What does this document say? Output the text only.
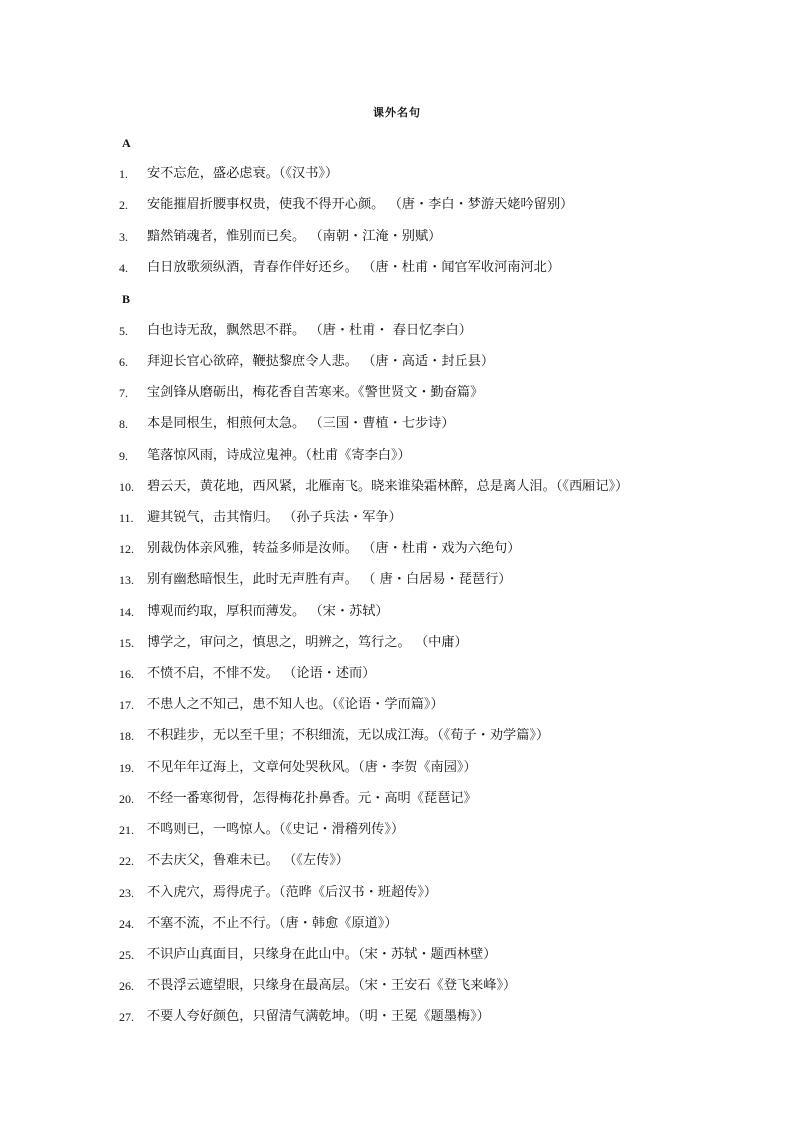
课外名句
A
B
1.	安不忘危，盛必虑衰。（《汉书》）
2.	安能摧眉折腰事权贵，使我不得开心颜。 （唐・李白・梦游天姥吟留别）
3.	黯然销魂者，惟别而已矣。 （南朝・江淹・别赋）
4.	白日放歌须纵酒，青春作伴好还乡。 （唐・杜甫・闻官军收河南河北）
5.	白也诗无敌，飘然思不群。 （唐・杜甫・ 春日忆李白）
6.	拜迎长官心欲碎，鞭挞黎庶令人悲。 （唐・高适・封丘县）
7.	宝剑锋从磨砺出，梅花香自苦寒来。《警世贤文・勤奋篇》
8.	本是同根生，相煎何太急。 （三国・曹植・七步诗）
9.	笔落惊风雨，诗成泣鬼神。（杜甫《寄李白》）
10. 碧云天，黄花地，西风紧，北雁南飞。晓来谁染霜林醉，总是离人泪。（《西厢记》）
11.	避其锐气，击其惰归。 （孙子兵法・军争）
12. 别裁伪体亲风雅，转益多师是汝师。 （唐・杜甫・戏为六绝句）
13. 别有幽愁暗恨生，此时无声胜有声。 （ 唐・白居易・琵琶行）
14. 博观而约取，厚积而薄发。 （宋・苏轼）
15. 博学之，审问之，慎思之，明辨之，笃行之。 （中庸）
16. 不愤不启，不悱不发。 （论语・述而）
17. 不患人之不知己，患不知人也。（《论语・学而篇》）
18. 不积跬步，无以至千里；不积细流，无以成江海。（《荀子・劝学篇》）
19. 不见年年辽海上，文章何处哭秋风。（唐・李贺《南园》）
20. 不经一番寒彻骨，怎得梅花扑鼻香。元・高明《琵琶记》
21. 不鸣则已，一鸣惊人。（《史记・滑稽列传》）
22. 不去庆父，鲁难未已。 （《左传》）
23. 不入虎穴，焉得虎子。（范晔《后汉书・班超传》）
24. 不塞不流，不止不行。（唐・韩愈《原道》）
25. 不识庐山真面目，只缘身在此山中。（宋・苏轼・题西林壁）
26. 不畏浮云遮望眼，只缘身在最高层。（宋・王安石《登飞来峰》）
27. 不要人夸好颜色，只留清气满乾坤。（明・王冕《题墨梅》）
